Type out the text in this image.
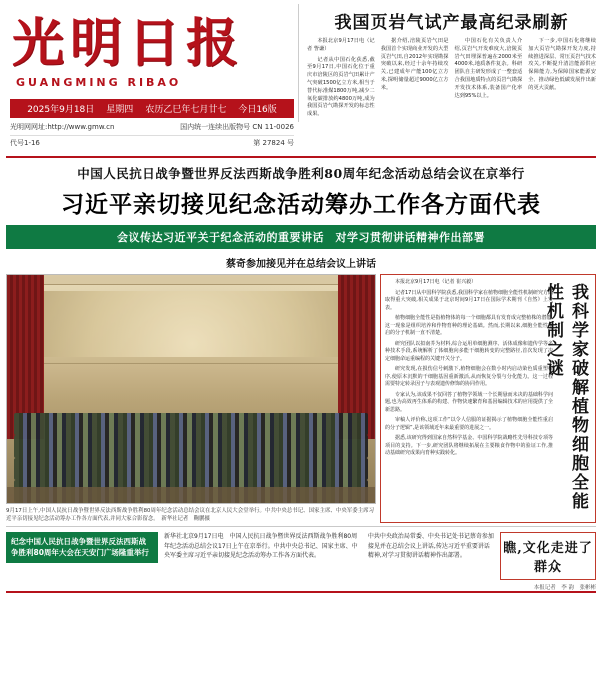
光明日报
GUANGMING RIBAO
2025年9月18日 星期四 农历乙巳年七月廿七 今日16版
光明网网址:http://www.gmw.cn	国内统一连续出版物号 CN 11-0026
代号1-16	第 27824 号
我国页岩气试产最高纪录刷新

本报北京9月17日电（记者 訾谦）

记者从中国石化获悉,截至9月17日,中国石化位于重庆市涪陵区的页岩气田累计产气突破1500亿立方米,相当于替代标准煤1800万吨,减少二氧化碳排放约4800万吨,成为我国页岩气勘探开发的标志性成果。

据介绍,涪陵页岩气田是我国首个实现商业开发的大型页岩气田,自2012年实现勘探突破以来,经过十余年持续攻关,已建成年产能100亿立方米,探明储量超过9000亿立方米。

中国石化有关负责人介绍,页岩气开发难度大,涪陵页岩气田埋深普遍在2000米至4000米,地质条件复杂。科研团队自主研发形成了一整套适合我国地质特点的页岩气勘探开发技术体系,装备国产化率达到95%以上。

下一步,中国石化将继续加大页岩气勘探开发力度,持续推进深层、常压页岩气技术攻关,不断提升清洁能源供应保障能力,为保障国家能源安全、推动绿色低碳发展作出新的更大贡献。

中国人民抗日战争暨世界反法西斯战争胜利80周年纪念活动总结会议在京举行
习近平亲切接见纪念活动筹办工作各方面代表
会议传达习近平关于纪念活动的重要讲话　对学习贯彻讲话精神作出部署
蔡奇参加接见并在总结会议上讲话
9月17日上午,中国人民抗日战争暨世界反法西斯战争胜利80周年纪念活动总结会议在北京人民大会堂举行。中共中央总书记、国家主席、中央军委主席习近平亲切接见纪念活动筹办工作各方面代表,并同大家合影留念。　新华社记者　鞠鹏摄

本报北京9月17日电（记者 崔兴毅）

记者17日从中国科学院获悉,我国科学家在植物细胞全能性机制研究方面取得重大突破,相关成果于北京时间9月17日在国际学术期刊《自然》上发表。

植物细胞全能性是指植物体的每一个细胞都具有发育成完整植株的潜能,这一现象是组织培养和作物育种的理论基础。然而,长期以来,细胞全能性重启的分子机制一直不清楚。

研究团队以拟南芥为材料,综合运用单细胞测序、活体成像和遗传学等多种技术手段,系统解析了体细胞向多能干细胞转变的完整路径,首次发现了决定细胞命运重编程的关键开关分子。

研究发现,在损伤信号刺激下,植物细胞会在数小时内启动染色质重塑程序,使原本沉默的干细胞基因重新激活,从而恢复分裂与分化能力。这一过程需要特定转录因子与表观遗传修饰的协同作用。

专家认为,该成果不仅回答了植物学领域一个长期悬而未决的基础科学问题,也为高效再生体系的构建、作物快速繁育和基因编辑技术的应用提供了全新思路。

审稿人评价称,这项工作“以令人信服的证据揭示了植物细胞全能性重启的分子逻辑”,是该领域近年来最重要的进展之一。

据悉,该研究得到国家自然科学基金、中国科学院战略性先导科技专项等项目的支持。下一步,研究团队将继续拓展在主要粮食作物中的验证工作,推动基础研究成果向育种实践转化。	我科学家破解植物细胞全能性机制之谜
纪念中国人民抗日战争暨世界反法西斯战争胜利80周年大会在天安门广场隆重举行
新华社北京9月17日电　中国人民抗日战争暨世界反法西斯战争胜利80周年纪念活动总结会议17日上午在京举行。中共中央总书记、国家主席、中央军委主席习近平亲切接见纪念活动筹办工作各方面代表。
中共中央政治局常委、中央书记处书记蔡奇参加接见并在总结会议上讲话,传达习近平重要讲话精神,对学习贯彻讲话精神作出部署。	瞧,文化走进了群众
本报记者　李 韵　张彬彬
